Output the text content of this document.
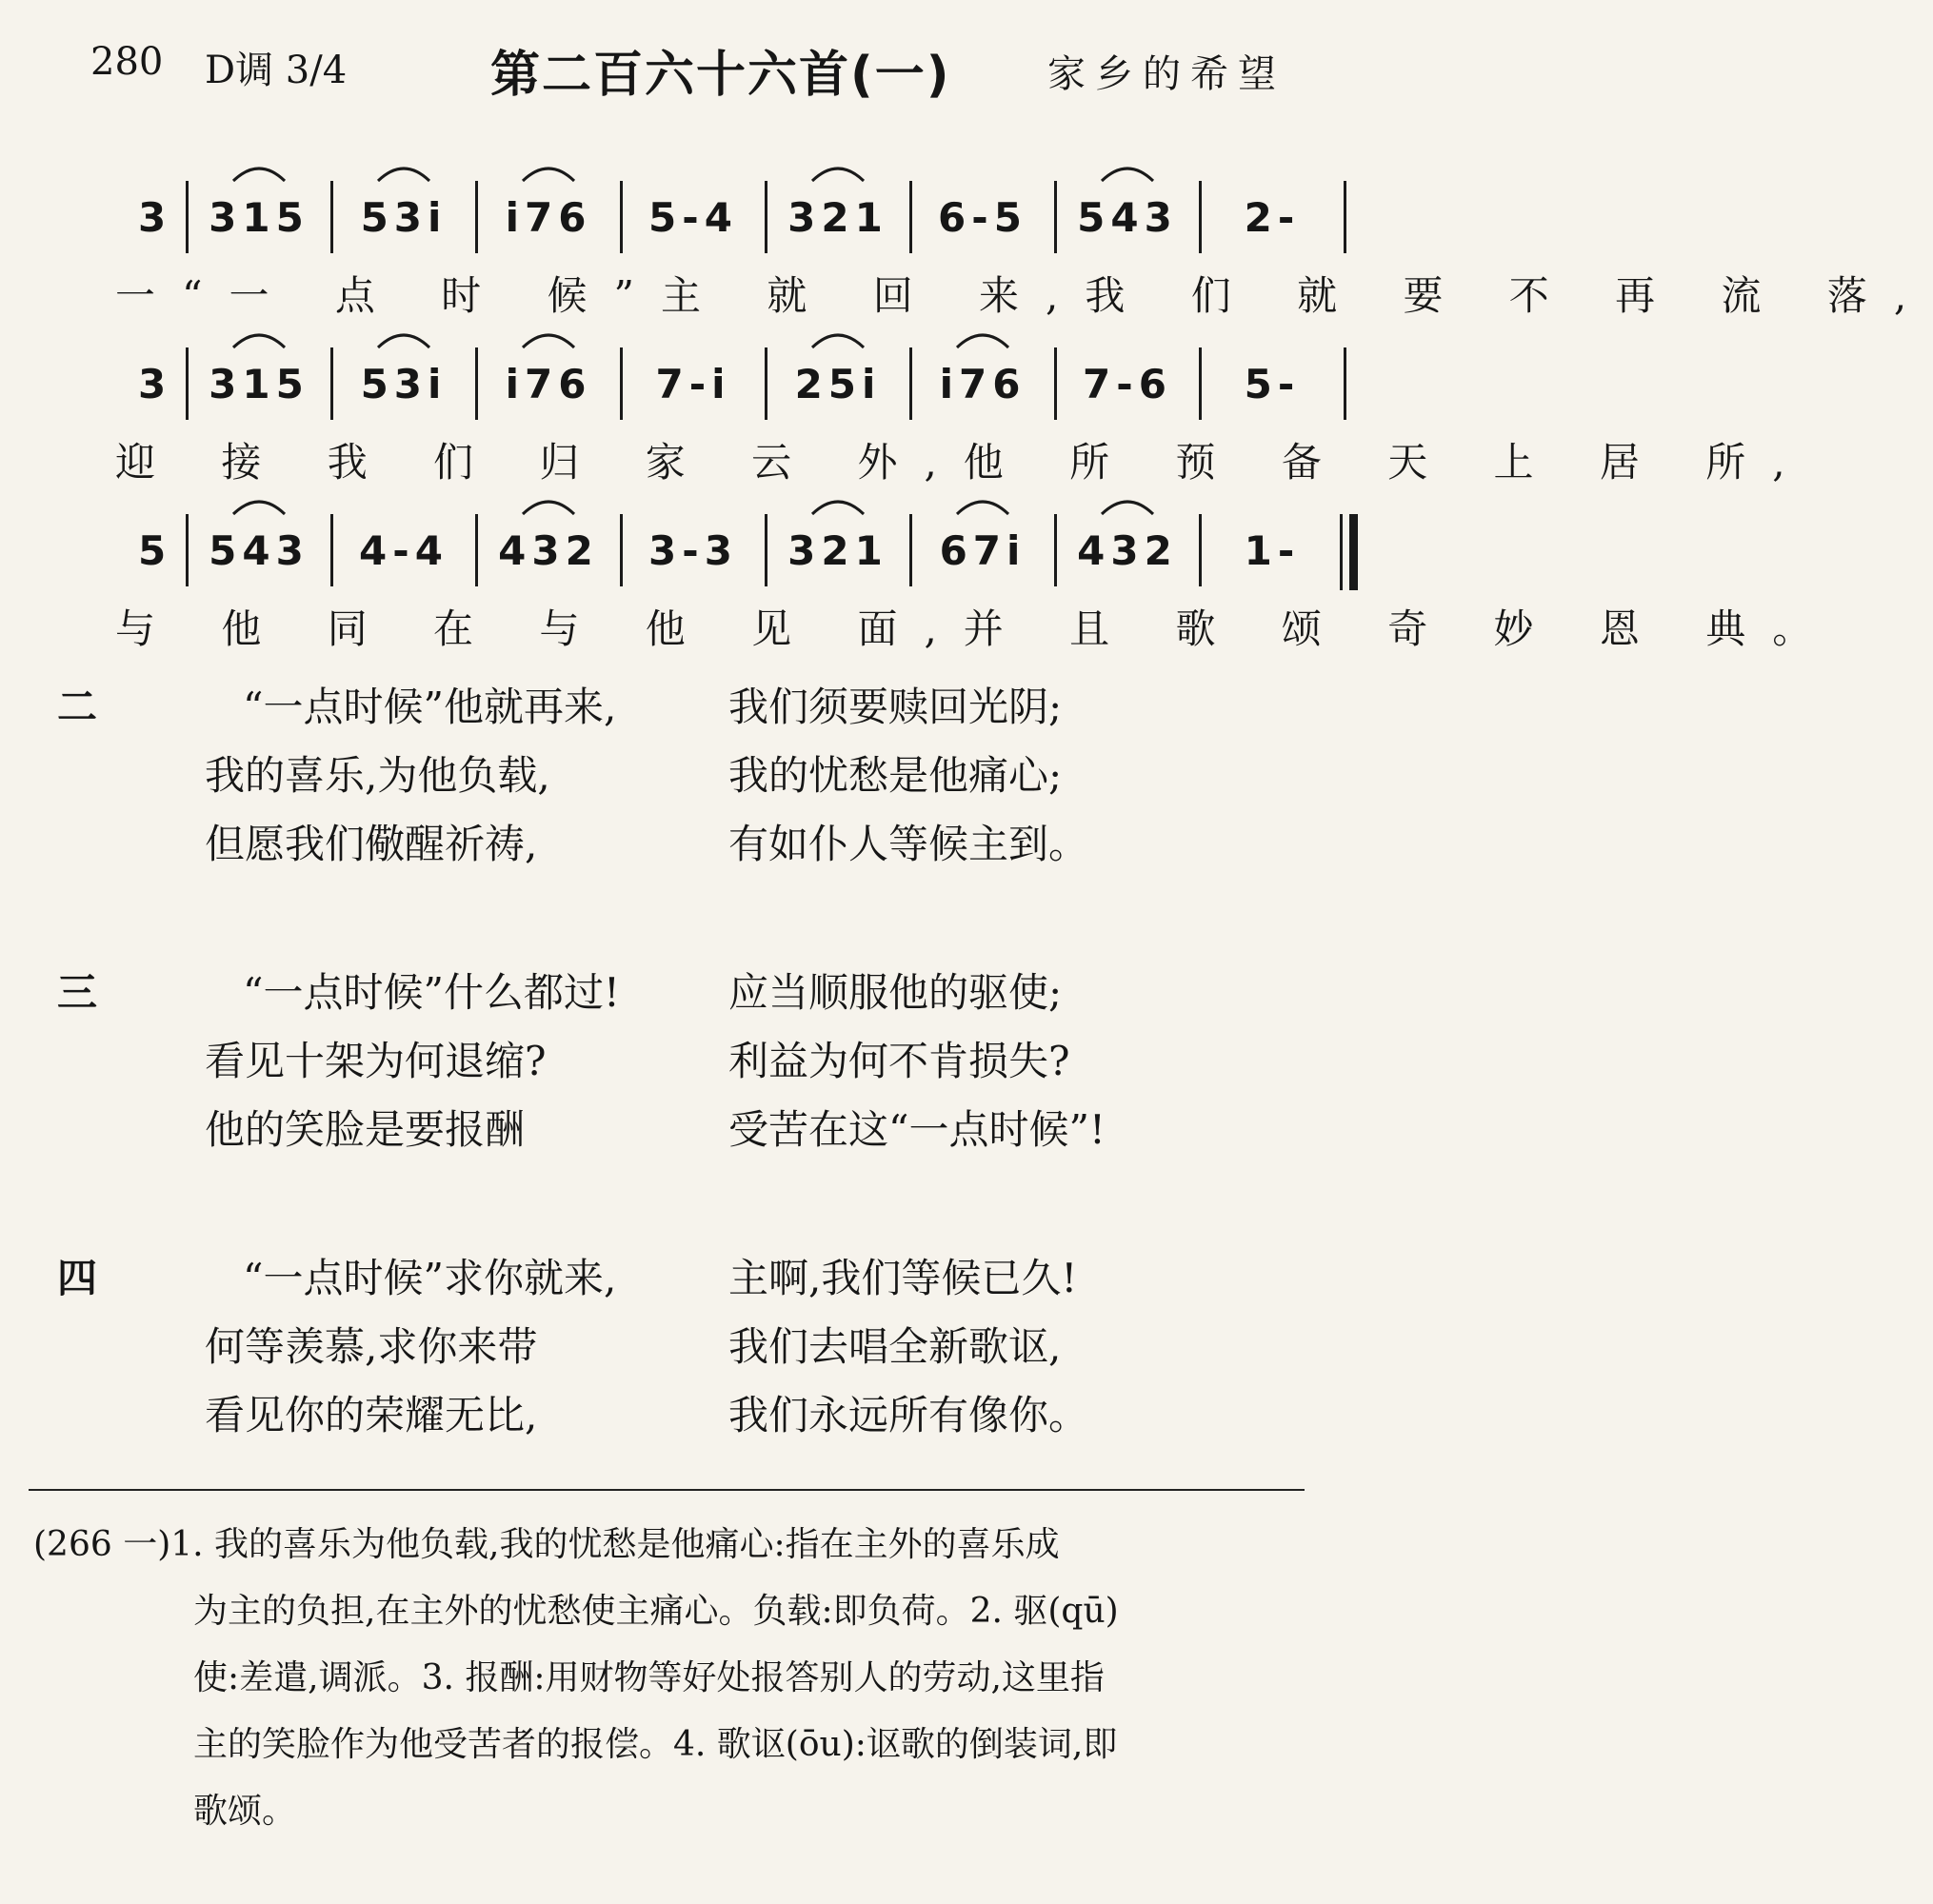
280 D调 3/4	第二百六十六首(一)	家乡的希望
3	315	53i	i76	5-4	321	6-5	543	2-
一“一 点 时 候”主 就 回 来,我 们 就 要 不 再 流 落,
3	315	53i	i76	7-i	25i	i76	7-6	5-
迎 接 我 们 归 家 云 外,他 所 预 备 天 上 居 所,
5	543	4-4	432	3-3	321	67i	432	1-
与 他 同 在 与 他 见 面,并 且 歌 颂 奇 妙 恩 典。
二	“一点时候”他就再来,	我们须要赎回光阴;
我的喜乐,为他负载,	我的忧愁是他痛心;
但愿我们儆醒祈祷,	有如仆人等候主到。
三	“一点时候”什么都过!	应当顺服他的驱使;
看见十架为何退缩?	利益为何不肯损失?
他的笑脸是要报酬	受苦在这“一点时候”!
四	“一点时候”求你就来,	主啊,我们等候已久!
何等羡慕,求你来带	我们去唱全新歌讴,
看见你的荣耀无比,	我们永远所有像你。
(266 一)1. 我的喜乐为他负载,我的忧愁是他痛心:指在主外的喜乐成
为主的负担,在主外的忧愁使主痛心。负载:即负荷。2. 驱(qū)
使:差遣,调派。3. 报酬:用财物等好处报答别人的劳动,这里指
主的笑脸作为他受苦者的报偿。4. 歌讴(ōu):讴歌的倒装词,即
歌颂。
